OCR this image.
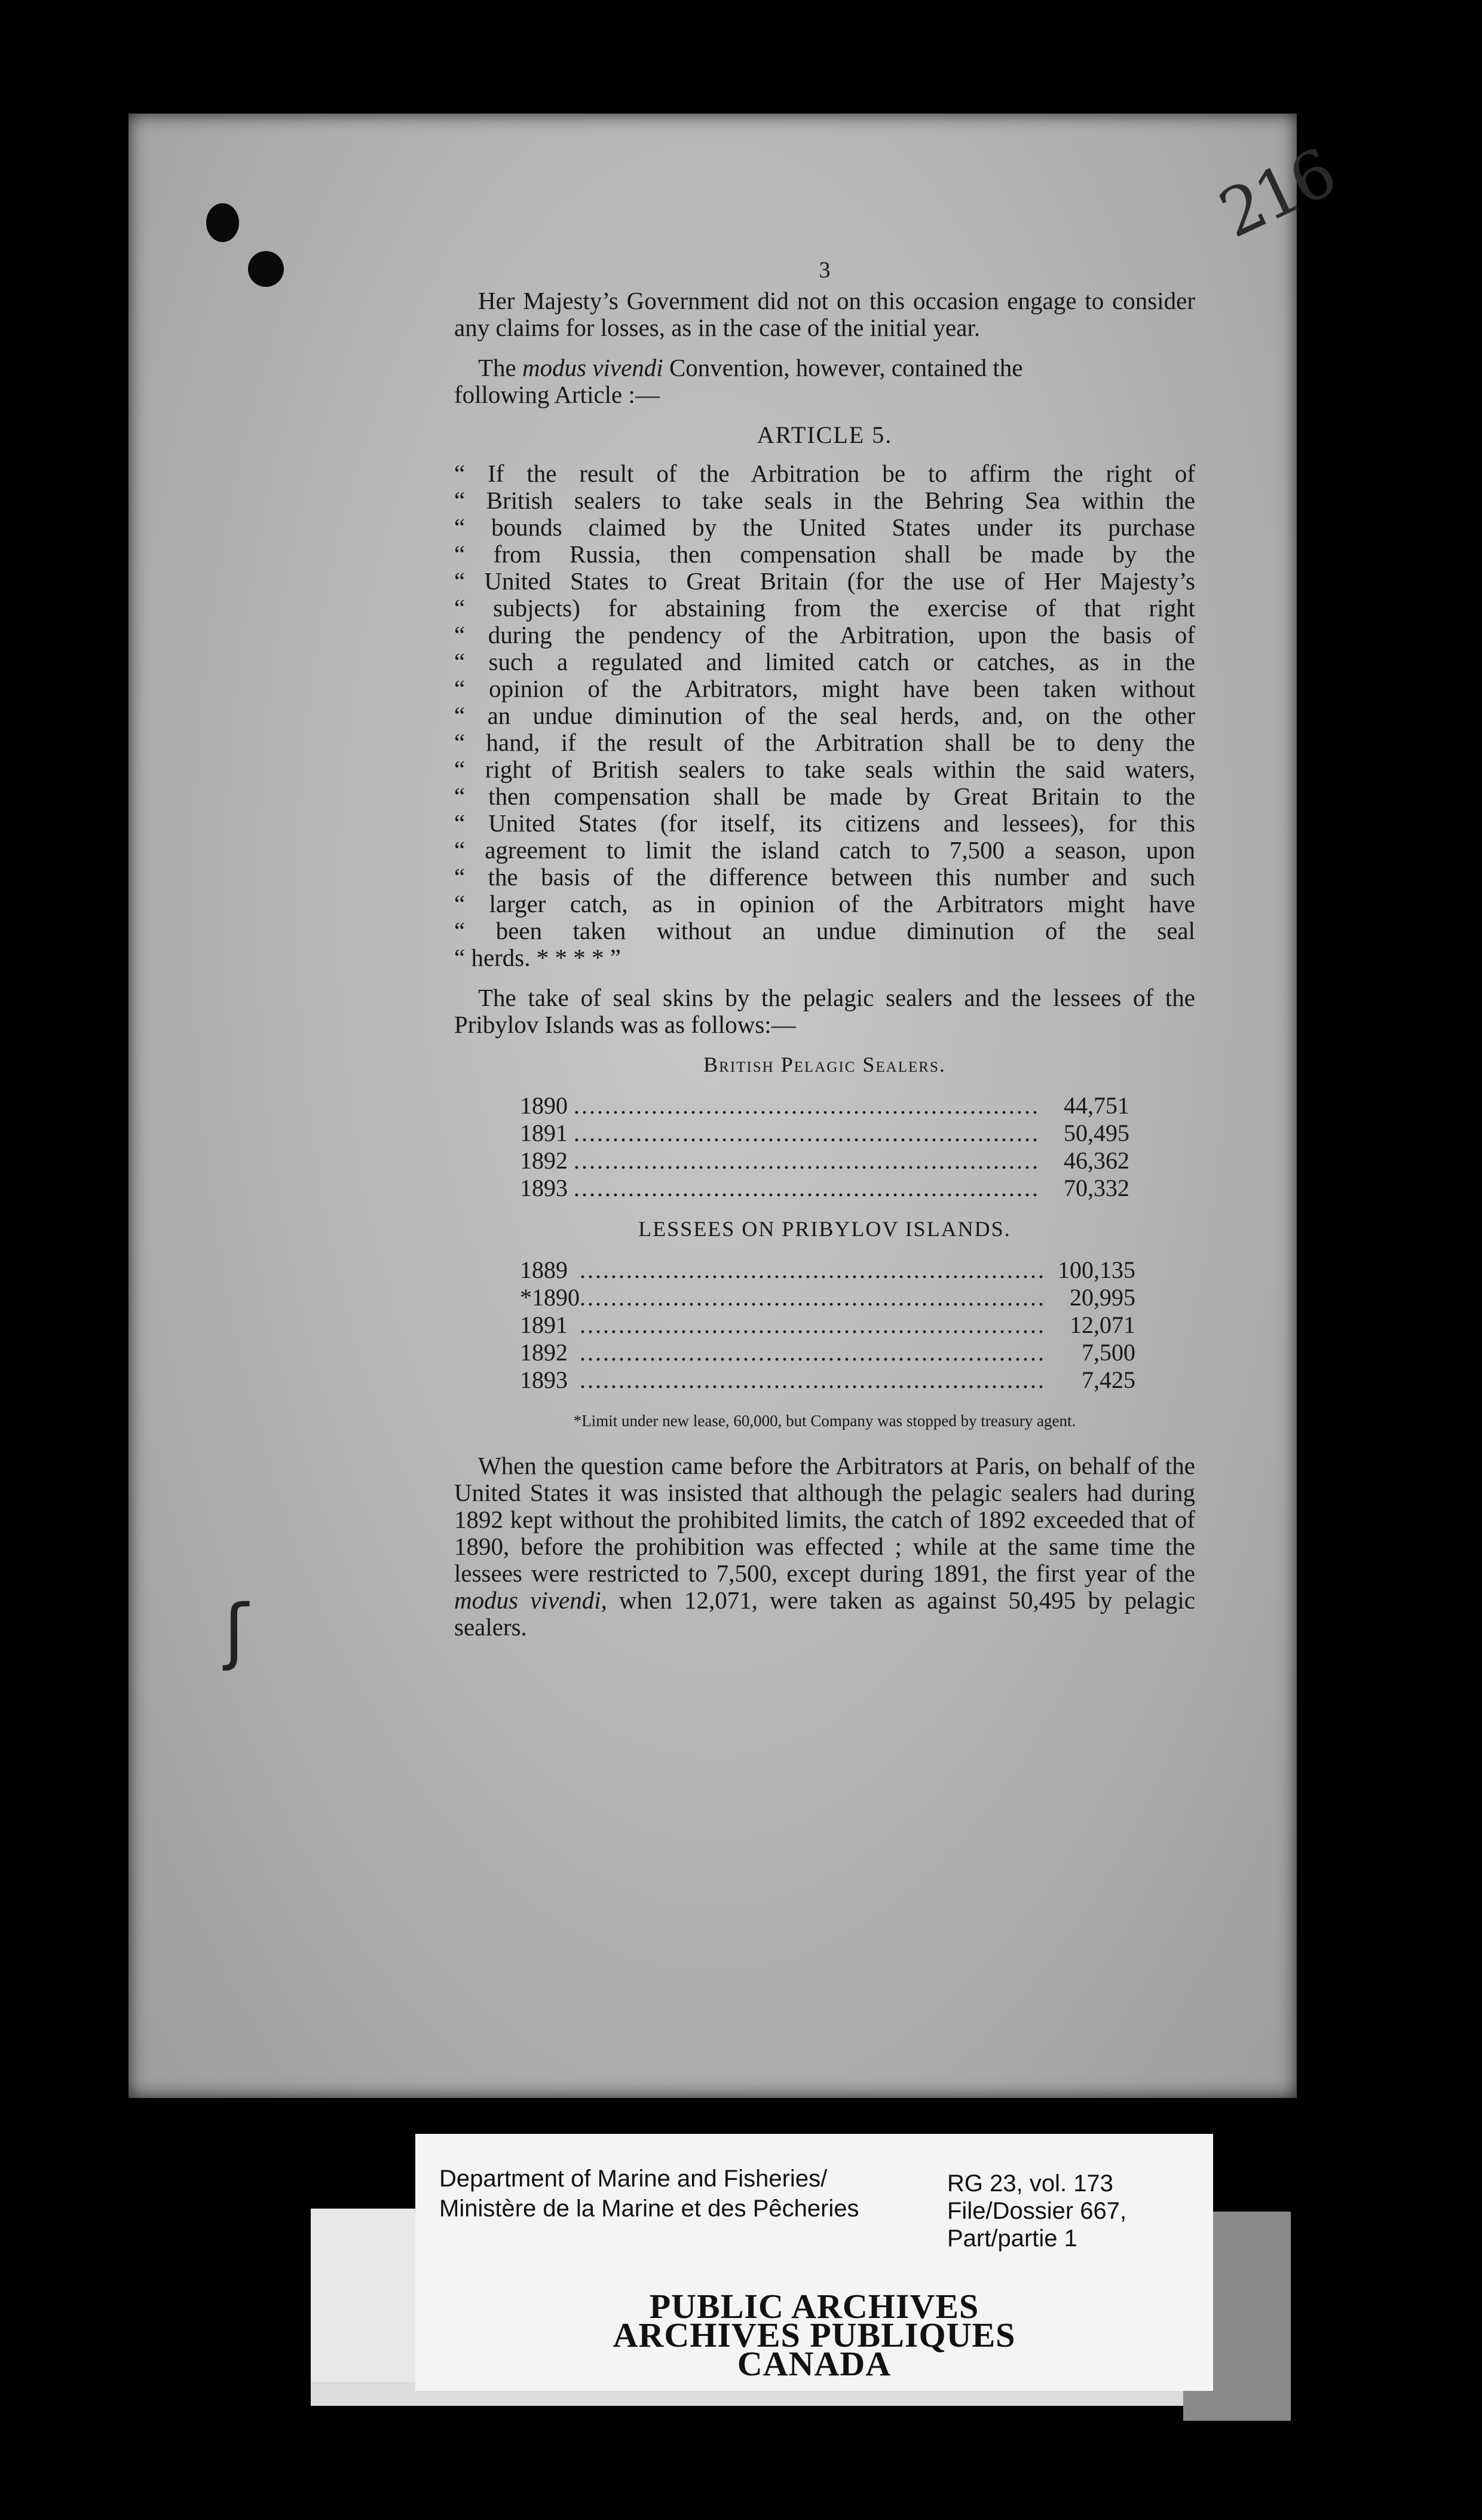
216
ʃ
3

Her Majesty’s Government did not on this occasion engage to consider any claims for losses, as in the case of the initial year.

The modus vivendi Convention, however, contained the

following Article :—

ARTICLE 5.
“ If the result of the Arbitration be to affirm the right of
“ British sealers to take seals in the Behring Sea within the
“ bounds claimed by the United States under its purchase
“ from Russia, then compensation shall be made by the
“ United States to Great Britain (for the use of Her Majesty’s
“ subjects) for abstaining from the exercise of that right
“ during the pendency of the Arbitration, upon the basis of
“ such a regulated and limited catch or catches, as in the
“ opinion of the Arbitrators, might have been taken without
“ an undue diminution of the seal herds, and, on the other
“ hand, if the result of the Arbitration shall be to deny the
“ right of British sealers to take seals within the said waters,
“ then compensation shall be made by Great Britain to the
“ United States (for itself, its citizens and lessees), for this
“ agreement to limit the island catch to 7,500 a season, upon
“ the basis of the difference between this number and such
“ larger catch, as in opinion of the Arbitrators might have
“ been taken without an undue diminution of the seal
“ herds. * * * * ”

The take of seal skins by the pelagic sealers and the lessees of the Pribylov Islands was as follows:—

British Pelagic Sealers.
1890	............................................................	44,751
1891	............................................................	50,495
1892	............................................................	46,362
1893	............................................................	70,332
LESSEES ON PRIBYLOV ISLANDS.
1889	............................................................	100,135
*1890	............................................................	20,995
1891	............................................................	12,071
1892	............................................................	7,500
1893	............................................................	7,425
*Limit under new lease, 60,000, but Company was stopped by treasury agent.

When the question came before the Arbitrators at Paris, on behalf of the United States it was insisted that although the pelagic sealers had during 1892 kept without the prohibited limits, the catch of 1892 exceeded that of 1890, before the prohibition was effected ; while at the same time the lessees were restricted to 7,500, except during 1891, the first year of the modus vivendi, when 12,071, were taken as against 50,495 by pelagic sealers.

Department of Marine and Fisheries/
Ministère de la Marine et des Pêcheries
RG 23, vol. 173
File/Dossier 667,
Part/partie 1
PUBLIC ARCHIVES
ARCHIVES PUBLIQUES
CANADA
